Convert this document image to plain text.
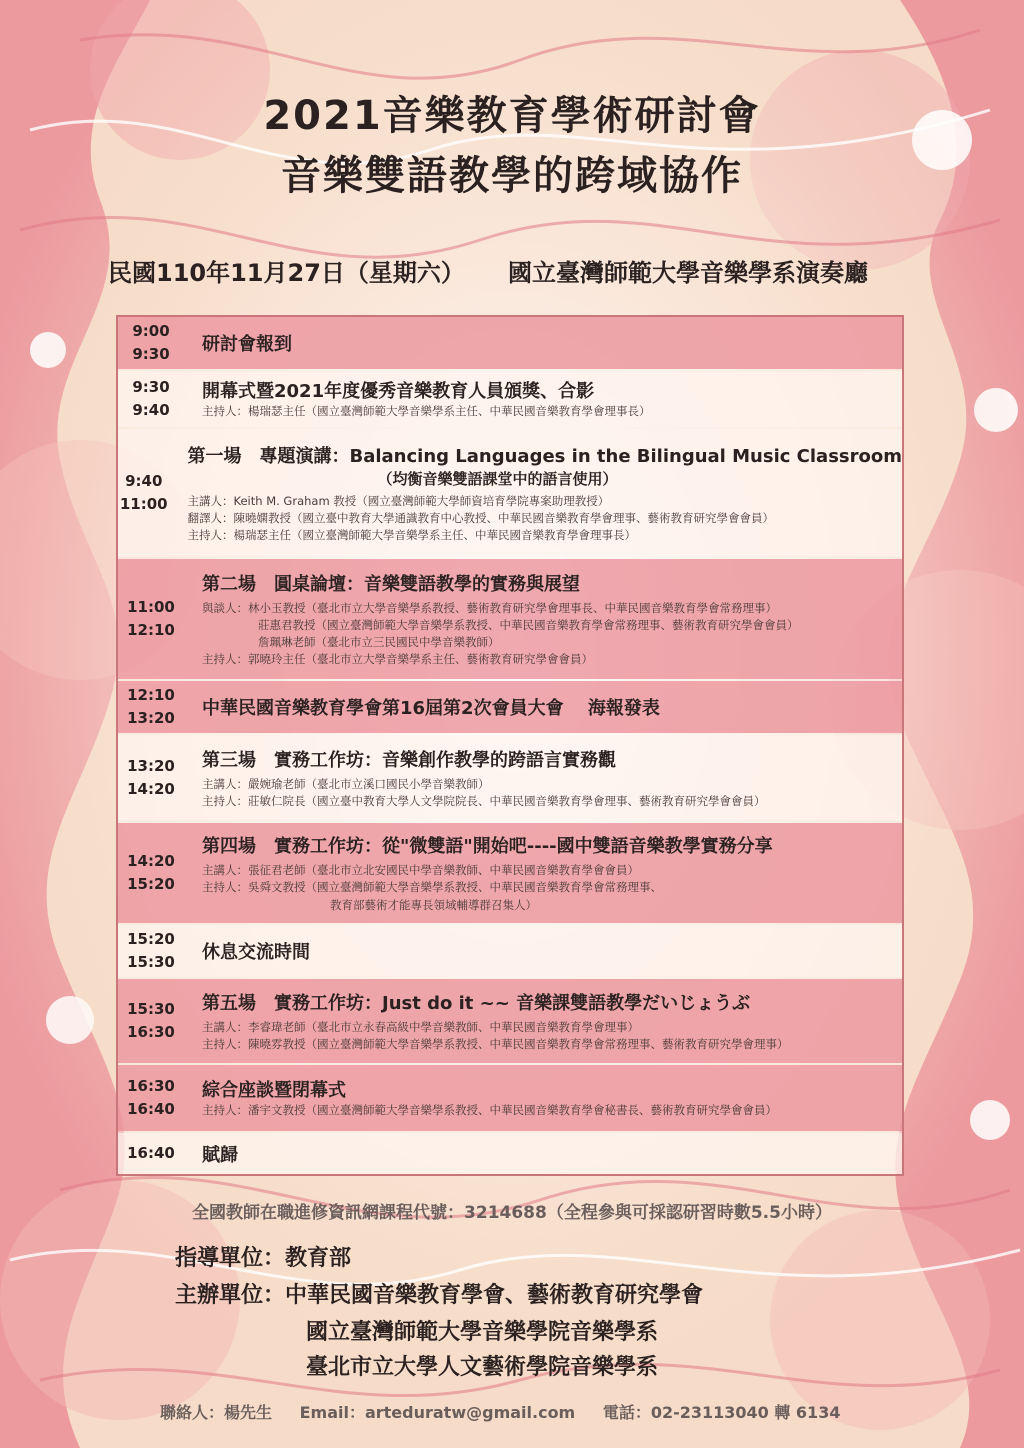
2021音樂教育學術研討會
音樂雙語教學的跨域協作
民國110年11月27日（星期六） 國立臺灣師範大學音樂學系演奏廳
9:00
9:30 研討會報到
9:30
9:40
開幕式暨2021年度優秀音樂教育人員頒獎、合影
主持人：楊瑞瑟主任（國立臺灣師範大學音樂學系主任、中華民國音樂教育學會理事長）
9:40
11:00
第一場　專題演講：Balancing Languages in the Bilingual Music Classroom
（均衡音樂雙語課堂中的語言使用）
主講人：Keith M. Graham 教授（國立臺灣師範大學師資培育學院專案助理教授）
翻譯人：陳曉嫻教授（國立臺中教育大學通識教育中心教授、中華民國音樂教育學會理事、藝術教育研究學會會員）
主持人：楊瑞瑟主任（國立臺灣師範大學音樂學系主任、中華民國音樂教育學會理事長）
11:00
12:10
第二場　圓桌論壇：音樂雙語教學的實務與展望
與談人：林小玉教授（臺北市立大學音樂學系教授、藝術教育研究學會理事長、中華民國音樂教育學會常務理事）
莊惠君教授（國立臺灣師範大學音樂學系教授、中華民國音樂教育學會常務理事、藝術教育研究學會會員）
詹珮琳老師（臺北市立三民國民中學音樂教師）
主持人：郭曉玲主任（臺北市立大學音樂學系主任、藝術教育研究學會會員）
12:10
13:20 中華民國音樂教育學會第16屆第2次會員大會　 海報發表
13:20
14:20
第三場　實務工作坊：音樂創作教學的跨語言實務觀
主講人：嚴婉瑜老師（臺北市立溪口國民小學音樂教師）
主持人：莊敏仁院長（國立臺中教育大學人文學院院長、中華民國音樂教育學會理事、藝術教育研究學會會員）
14:20
15:20
第四場　實務工作坊：從"微雙語"開始吧----國中雙語音樂教學實務分享
主講人：張征君老師（臺北市立北安國民中學音樂教師、中華民國音樂教育學會會員）
主持人：吳舜文教授（國立臺灣師範大學音樂學系教授、中華民國音樂教育學會常務理事、
教育部藝術才能專長領域輔導群召集人）
15:20
15:30 休息交流時間
15:30
16:30
第五場　實務工作坊：Just do it ~~ 音樂課雙語教學だいじょうぶ
主講人：李睿瑋老師（臺北市立永春高級中學音樂教師、中華民國音樂教育學會理事）
主持人：陳曉雰教授（國立臺灣師範大學音樂學系教授、中華民國音樂教育學會常務理事、藝術教育研究學會理事）
16:30
16:40
綜合座談暨閉幕式
主持人：潘宇文教授（國立臺灣師範大學音樂學系教授、中華民國音樂教育學會秘書長、藝術教育研究學會會員）
16:40 賦歸
全國教師在職進修資訊網課程代號：3214688（全程參與可採認研習時數5.5小時）
指導單位：教育部
主辦單位：中華民國音樂教育學會、藝術教育研究學會
國立臺灣師範大學音樂學院音樂學系
臺北市立大學人文藝術學院音樂學系
聯絡人：楊先生 Email：arteduratw@gmail.com 電話：02-23113040 轉 6134
